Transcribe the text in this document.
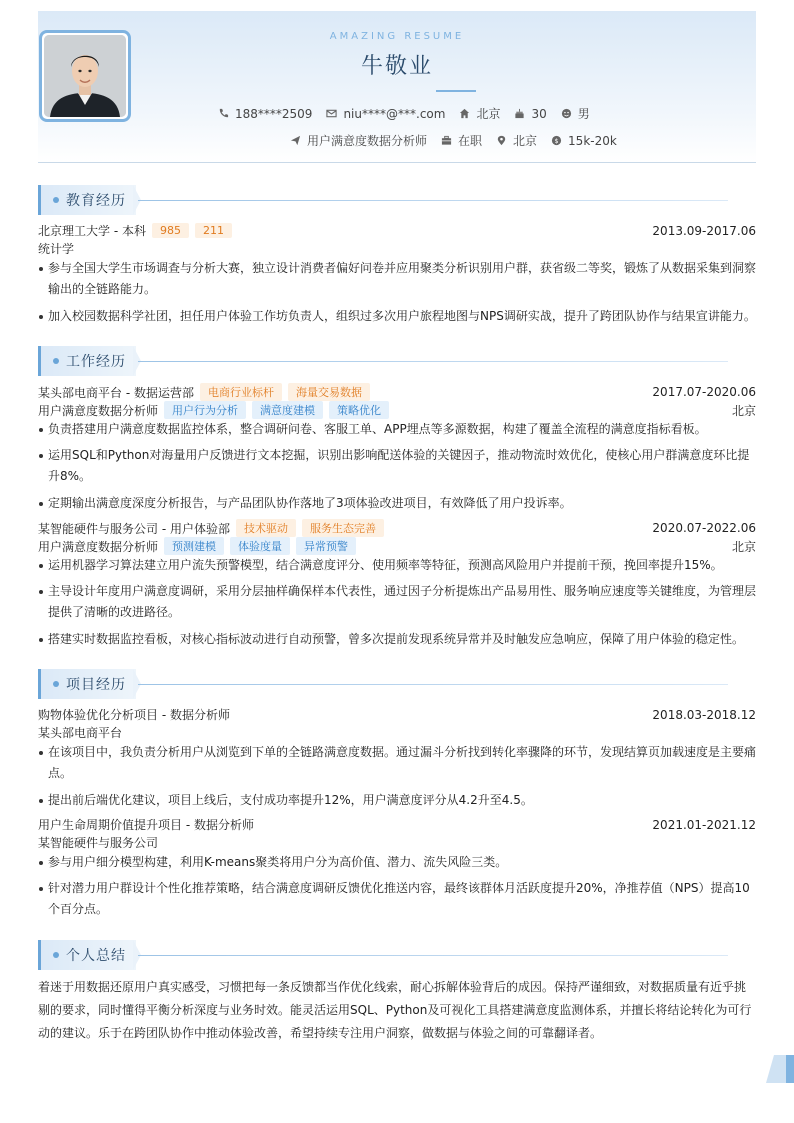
AMAZING RESUME
牛敬业
188****2509	niu****@***.com	北京	30	男
用户满意度数据分析师	在职	北京 $ 15k-20k
教育经历
北京理工大学 - 本科	985	211	2013.09-2017.06
统计学
参与全国大学生市场调查与分析大赛，独立设计消费者偏好问卷并应用聚类分析识别用户群，获省级二等奖，锻炼了从数据采集到洞察输出的全链路能力。
加入校园数据科学社团，担任用户体验工作坊负责人，组织过多次用户旅程地图与NPS调研实战，提升了跨团队协作与结果宣讲能力。
工作经历
某头部电商平台 - 数据运营部	电商行业标杆	海量交易数据	2017.07-2020.06
用户满意度数据分析师	用户行为分析	满意度建模	策略优化	北京
负责搭建用户满意度数据监控体系，整合调研问卷、客服工单、APP埋点等多源数据，构建了覆盖全流程的满意度指标看板。
运用SQL和Python对海量用户反馈进行文本挖掘，识别出影响配送体验的关键因子，推动物流时效优化，使核心用户群满意度环比提升8%。
定期输出满意度深度分析报告，与产品团队协作落地了3项体验改进项目，有效降低了用户投诉率。
某智能硬件与服务公司 - 用户体验部	技术驱动	服务生态完善	2020.07-2022.06
用户满意度数据分析师	预测建模	体验度量	异常预警	北京
运用机器学习算法建立用户流失预警模型，结合满意度评分、使用频率等特征，预测高风险用户并提前干预，挽回率提升15%。
主导设计年度用户满意度调研，采用分层抽样确保样本代表性，通过因子分析提炼出产品易用性、服务响应速度等关键维度，为管理层提供了清晰的改进路径。
搭建实时数据监控看板，对核心指标波动进行自动预警，曾多次提前发现系统异常并及时触发应急响应，保障了用户体验的稳定性。
项目经历
购物体验优化分析项目 - 数据分析师	2018.03-2018.12
某头部电商平台
在该项目中，我负责分析用户从浏览到下单的全链路满意度数据。通过漏斗分析找到转化率骤降的环节，发现结算页加载速度是主要痛点。
提出前后端优化建议，项目上线后，支付成功率提升12%，用户满意度评分从4.2升至4.5。
用户生命周期价值提升项目 - 数据分析师	2021.01-2021.12
某智能硬件与服务公司
参与用户细分模型构建，利用K-means聚类将用户分为高价值、潜力、流失风险三类。
针对潜力用户群设计个性化推荐策略，结合满意度调研反馈优化推送内容，最终该群体月活跃度提升20%，净推荐值（NPS）提高10个百分点。
个人总结
着迷于用数据还原用户真实感受，习惯把每一条反馈都当作优化线索，耐心拆解体验背后的成因。保持严谨细致，对数据质量有近乎挑剔的要求，同时懂得平衡分析深度与业务时效。能灵活运用SQL、Python及可视化工具搭建满意度监测体系，并擅长将结论转化为可行动的建议。乐于在跨团队协作中推动体验改善，希望持续专注用户洞察，做数据与体验之间的可靠翻译者。
